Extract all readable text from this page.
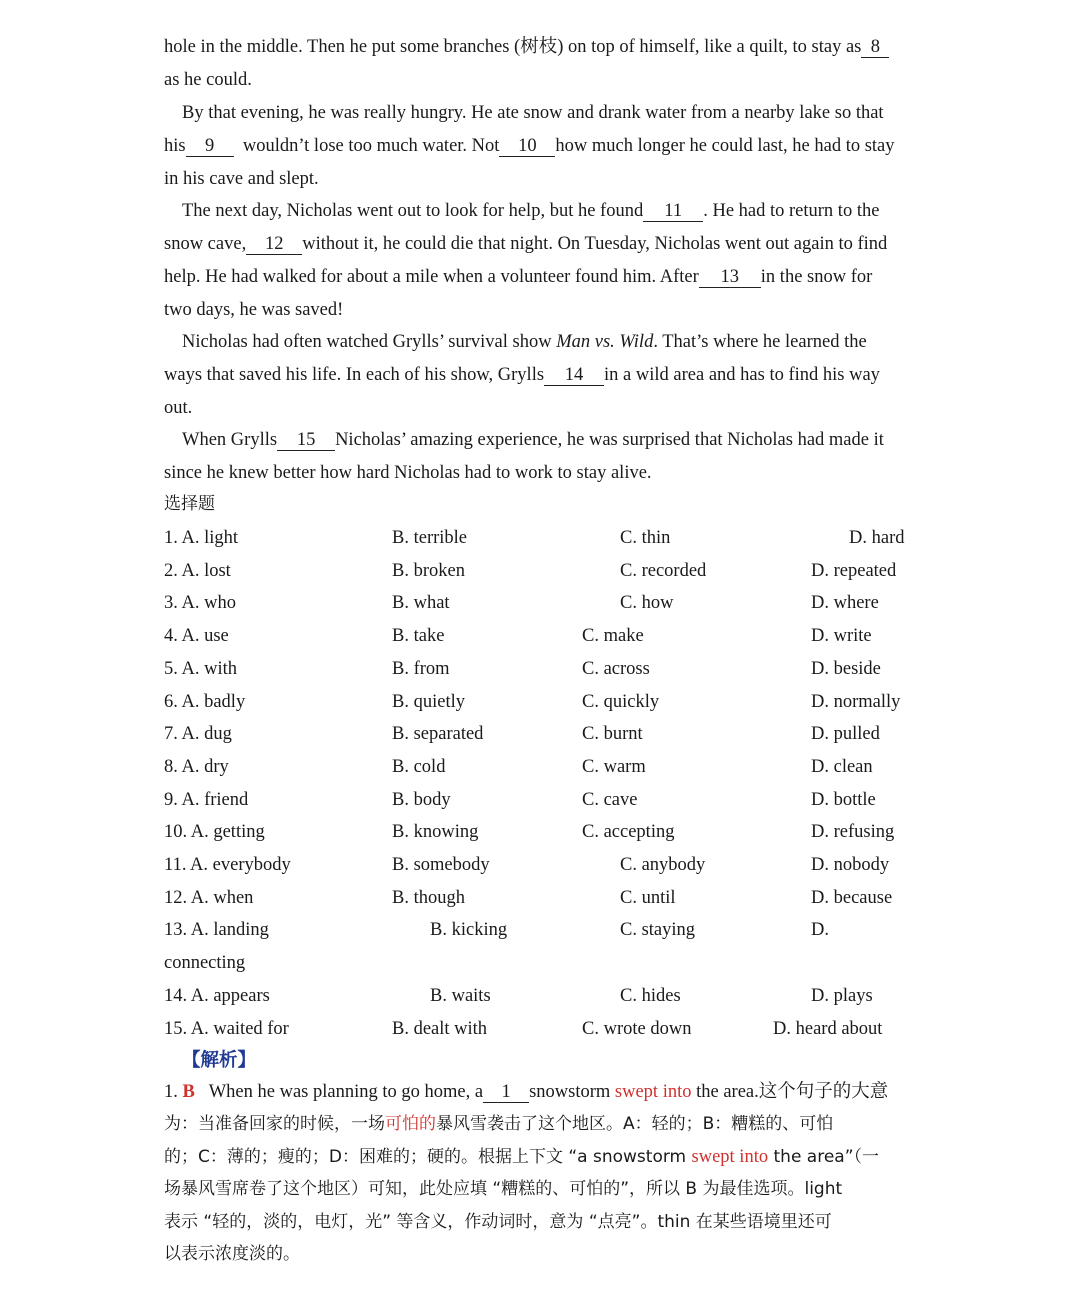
hole in the middle. Then he put some branches (树枝) on top of himself, like a quilt, to stay as 8
as he could.
By that evening, he was really hungry. He ate snow and drank water from a nearby lake so that
his 9 wouldn’t lose too much water. Not 10 how much longer he could last, he had to stay
in his cave and slept.
The next day, Nicholas went out to look for help, but he found 11 . He had to return to the
snow cave, 12 without it, he could die that night. On Tuesday, Nicholas went out again to find
help. He had walked for about a mile when a volunteer found him. After 13 in the snow for
two days, he was saved!
Nicholas had often watched Grylls’ survival show Man vs. Wild. That’s where he learned the
ways that saved his life. In each of his show, Grylls 14 in a wild area and has to find his way
out.
When Grylls 15 Nicholas’ amazing experience, he was surprised that Nicholas had made it
since he knew better how hard Nicholas had to work to stay alive.
选择题
1. A. light	B. terrible	C. thin	D. hard
2. A. lost	B. broken	C. recorded	D. repeated
3. A. who	B. what	C. how	D. where
4. A. use	B. take	C. make	D. write
5. A. with	B. from	C. across	D. beside
6. A. badly	B. quietly	C. quickly	D. normally
7. A. dug	B. separated	C. burnt	D. pulled
8. A. dry	B. cold	C. warm	D. clean
9. A. friend	B. body	C. cave	D. bottle
10. A. getting	B. knowing	C. accepting	D. refusing
11. A. everybody	B. somebody	C. anybody	D. nobody
12. A. when	B. though	C. until	D. because
13. A. landing	B. kicking	C. staying	D.
connecting
14. A. appears	B. waits	C. hides	D. plays
15. A. waited for	B. dealt with	C. wrote down	D. heard about
【解析】
1. B When he was planning to go home, a 1 snowstorm swept into the area.这个句子的大意
为：当准备回家的时候，一场可怕的暴风雪袭击了这个地区。A：轻的；B：糟糕的、可怕
的；C：薄的；瘦的；D：困难的；硬的。根据上下文 “a snowstorm swept into the area”（一
场暴风雪席卷了这个地区）可知，此处应填 “糟糕的、可怕的”，所以 B 为最佳选项。light
表示 “轻的，淡的，电灯，光” 等含义，作动词时，意为 “点亮”。thin 在某些语境里还可
以表示浓度淡的。
